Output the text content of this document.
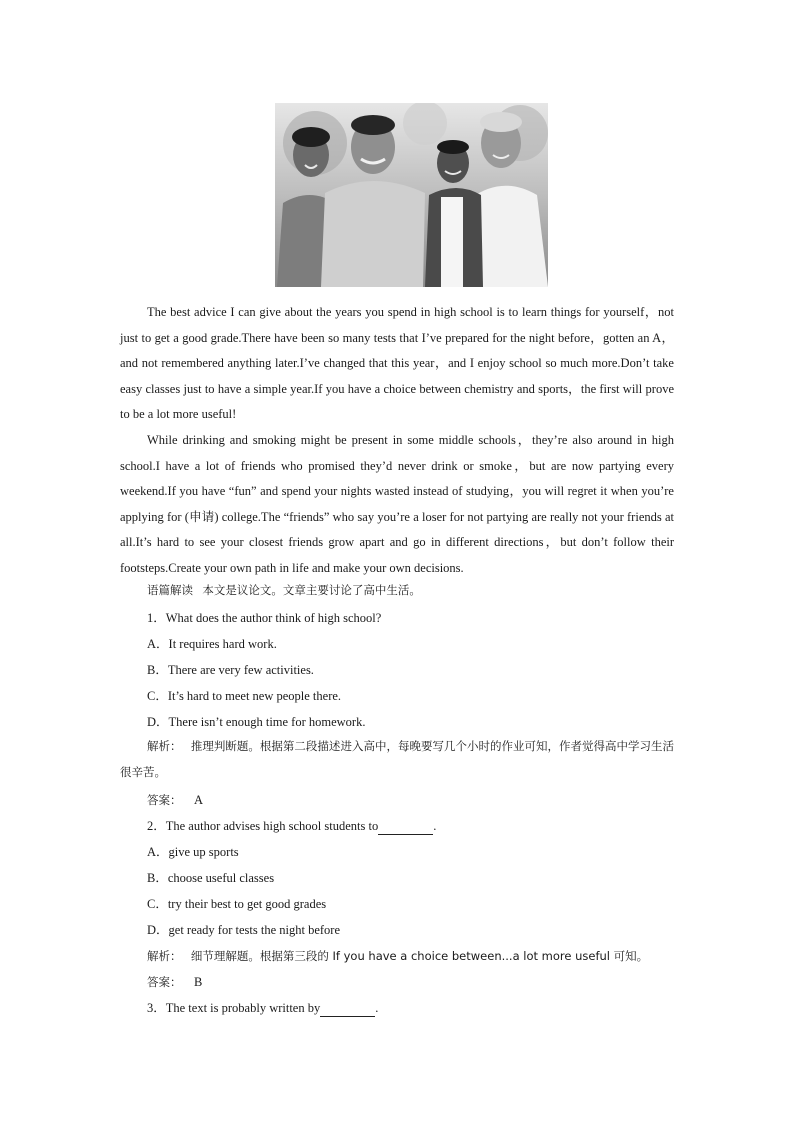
The best advice I can give about the years you spend in high school is to learn things for yourself，not just to get a good grade.There have been so many tests that I’ve prepared for the night before，gotten an A，and not remembered anything later.I’ve changed that this year，and I enjoy school so much more.Don’t take easy classes just to have a simple year.If you have a choice between chemistry and sports，the first will prove to be a lot more useful!

While drinking and smoking might be present in some middle schools，they’re also around in high school.I have a lot of friends who promised they’d never drink or smoke，but are now partying every weekend.If you have “fun” and spend your nights wasted instead of studying，you will regret it when you’re applying for (申请) college.The “friends” who say you’re a loser for not partying are really not your friends at all.It’s hard to see your closest friends grow apart and go in different directions，but don’t follow their footsteps.Create your own path in life and make your own decisions.

语篇解读 本文是议论文。文章主要讨论了高中生活。
1．What does the author think of high school?
A．It requires hard work.
B．There are very few activities.
C．It’s hard to meet new people there.
D．There isn’t enough time for homework.
解析： 推理判断题。根据第二段描述进入高中，每晚要写几个小时的作业可知，作者觉得高中学习生活很辛苦。
答案： A
2．The author advises high school students to	.
A．give up sports
B．choose useful classes
C．try their best to get good grades
D．get ready for tests the night before
解析： 细节理解题。根据第三段的 If you have a choice between...a lot more useful 可知。
答案： B
3．The text is probably written by	.
